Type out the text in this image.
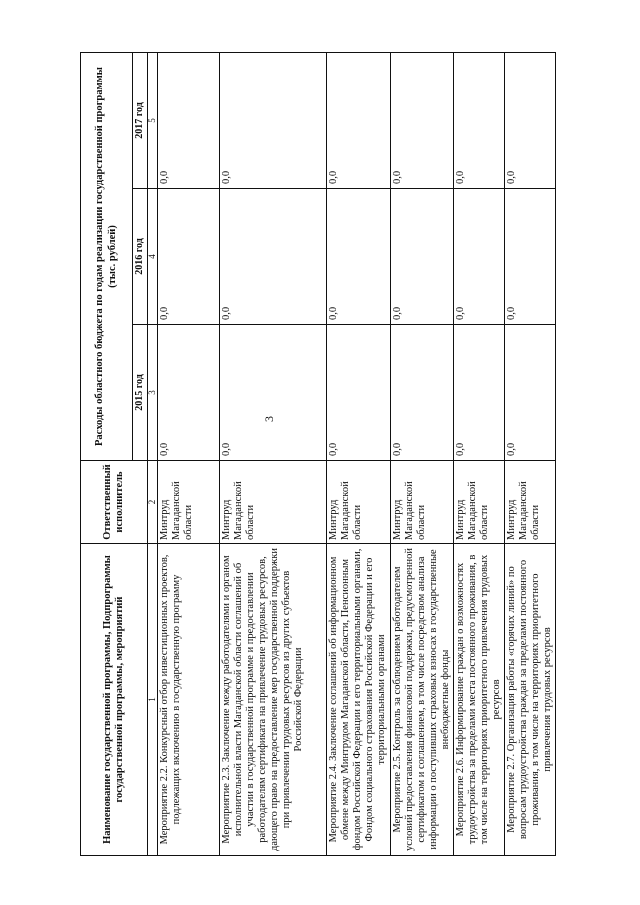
3
Наименование государственной программы, Подпрограммы государственной программы, мероприятий	Ответственный исполнитель	Расходы областного бюджета по годам реализации государственной программы (тыс. рублей)		
		2015 год	2016 год	2017 год
1	2	3	4	5
Мероприятие 2.2. Конкурсный отбор инвестиционных проектов, подлежащих включению в государственную программу	Минтруд Магаданской области	0,0	0,0	0,0
Мероприятие 2.3. Заключение между работодателями и органом исполнительной власти Магаданской области соглашений об участии в государственной программе и предоставлении работодателям сертификата на привлечение трудовых ресурсов, дающего право на предоставление мер государственной поддержки при привлечении трудовых ресурсов из других субъектов Российской Федерации	Минтруд Магаданской области	0,0	0,0	0,0
Мероприятие 2.4. Заключение соглашений об информационном обмене между Минтрудом Магаданской области, Пенсионным фондом Российской Федерации и его территориальными органами, Фондом социального страхования Российской Федерации и его территориальными органами	Минтруд Магаданской области	0,0	0,0	0,0
Мероприятие 2.5. Контроль за соблюдением работодателем условий предоставления финансовой поддержки, предусмотренной сертификатом и соглашением, в том числе посредством анализа информации о поступивших страховых взносах в государственные внебюджетные фонды	Минтруд Магаданской области	0,0	0,0	0,0
Мероприятие 2.6. Информирование граждан о возможностях трудоустройства за пределами места постоянного проживания, в том числе на территориях приоритетного привлечения трудовых ресурсов	Минтруд Магаданской области	0,0	0,0	0,0
Мероприятие 2.7. Организация работы «горячих линий» по вопросам трудоустройства граждан за пределами постоянного проживания, в том числе на территориях приоритетного привлечения трудовых ресурсов	Минтруд Магаданской области	0,0	0,0	0,0
